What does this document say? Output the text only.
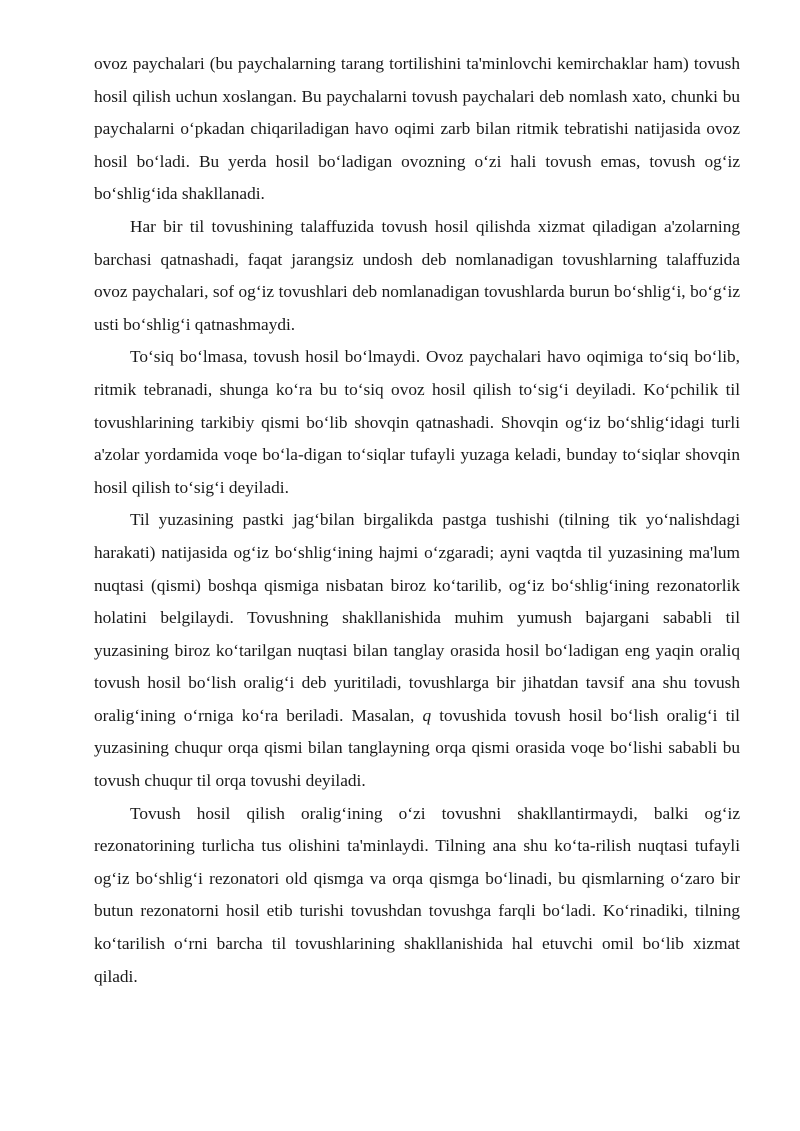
ovoz paychalari (bu paychalarning tarang tortilishini ta'minlovchi kemirchaklar ham) tovush hosil qilish uchun xoslangan. Bu paychalarni tovush paychalari deb nomlash xato, chunki bu paychalarni o‘pkadan chiqariladigan havo oqimi zarb bilan ritmik tebratishi natijasida ovoz hosil bo‘ladi. Bu yerda hosil bo‘ladigan ovozning o‘zi hali tovush emas, tovush og‘iz bo‘shlig‘ida shakllanadi.

Har bir til tovushining talaffuzida tovush hosil qilishda xizmat qiladigan a'zolarning barchasi qatnashadi, faqat jarangsiz undosh deb nomlanadigan tovushlarning talaffuzida ovoz paychalari, sof og‘iz tovushlari deb nomlanadigan tovushlarda burun bo‘shlig‘i, bo‘g‘iz usti bo‘shlig‘i qatnashmaydi.

To‘siq bo‘lmasa, tovush hosil bo‘lmaydi. Ovoz paychalari havo oqimiga to‘siq bo‘lib, ritmik tebranadi, shunga ko‘ra bu to‘siq ovoz hosil qilish to‘sig‘i deyiladi. Ko‘pchilik til tovushlarining tarkibiy qismi bo‘lib shovqin qatnashadi. Shovqin og‘iz bo‘shlig‘idagi turli a'zolar yordamida voqe bo‘la-digan to‘siqlar tufayli yuzaga keladi, bunday to‘siqlar shovqin hosil qilish to‘sig‘i deyiladi.

Til yuzasining pastki jag‘bilan birgalikda pastga tushishi (tilning tik yo‘nalishdagi harakati) natijasida og‘iz bo‘shlig‘ining hajmi o‘zgaradi; ayni vaqtda til yuzasining ma'lum nuqtasi (qismi) boshqa qismiga nisbatan biroz ko‘tarilib, og‘iz bo‘shlig‘ining rezonatorlik holatini belgilaydi. Tovushning shakllanishida muhim yumush bajargani sababli til yuzasining biroz ko‘tarilgan nuqtasi bilan tanglay orasida hosil bo‘ladigan eng yaqin oraliq tovush hosil bo‘lish oralig‘i deb yuritiladi, tovushlarga bir jihatdan tavsif ana shu tovush oralig‘ining o‘rniga ko‘ra beriladi. Masalan, q tovushida tovush hosil bo‘lish oralig‘i til yuzasining chuqur orqa qismi bilan tanglayning orqa qismi orasida voqe bo‘lishi sababli bu tovush chuqur til orqa tovushi deyiladi.

Tovush hosil qilish oralig‘ining o‘zi tovushni shakllantirmaydi, balki og‘iz rezonatorining turlicha tus olishini ta'minlaydi. Tilning ana shu ko‘ta-rilish nuqtasi tufayli og‘iz bo‘shlig‘i rezonatori old qismga va orqa qismga bo‘linadi, bu qismlarning o‘zaro bir butun rezonatorni hosil etib turishi tovushdan tovushga farqli bo‘ladi. Ko‘rinadiki, tilning ko‘tarilish o‘rni barcha til tovushlarining shakllanishida hal etuvchi omil bo‘lib xizmat qiladi.
